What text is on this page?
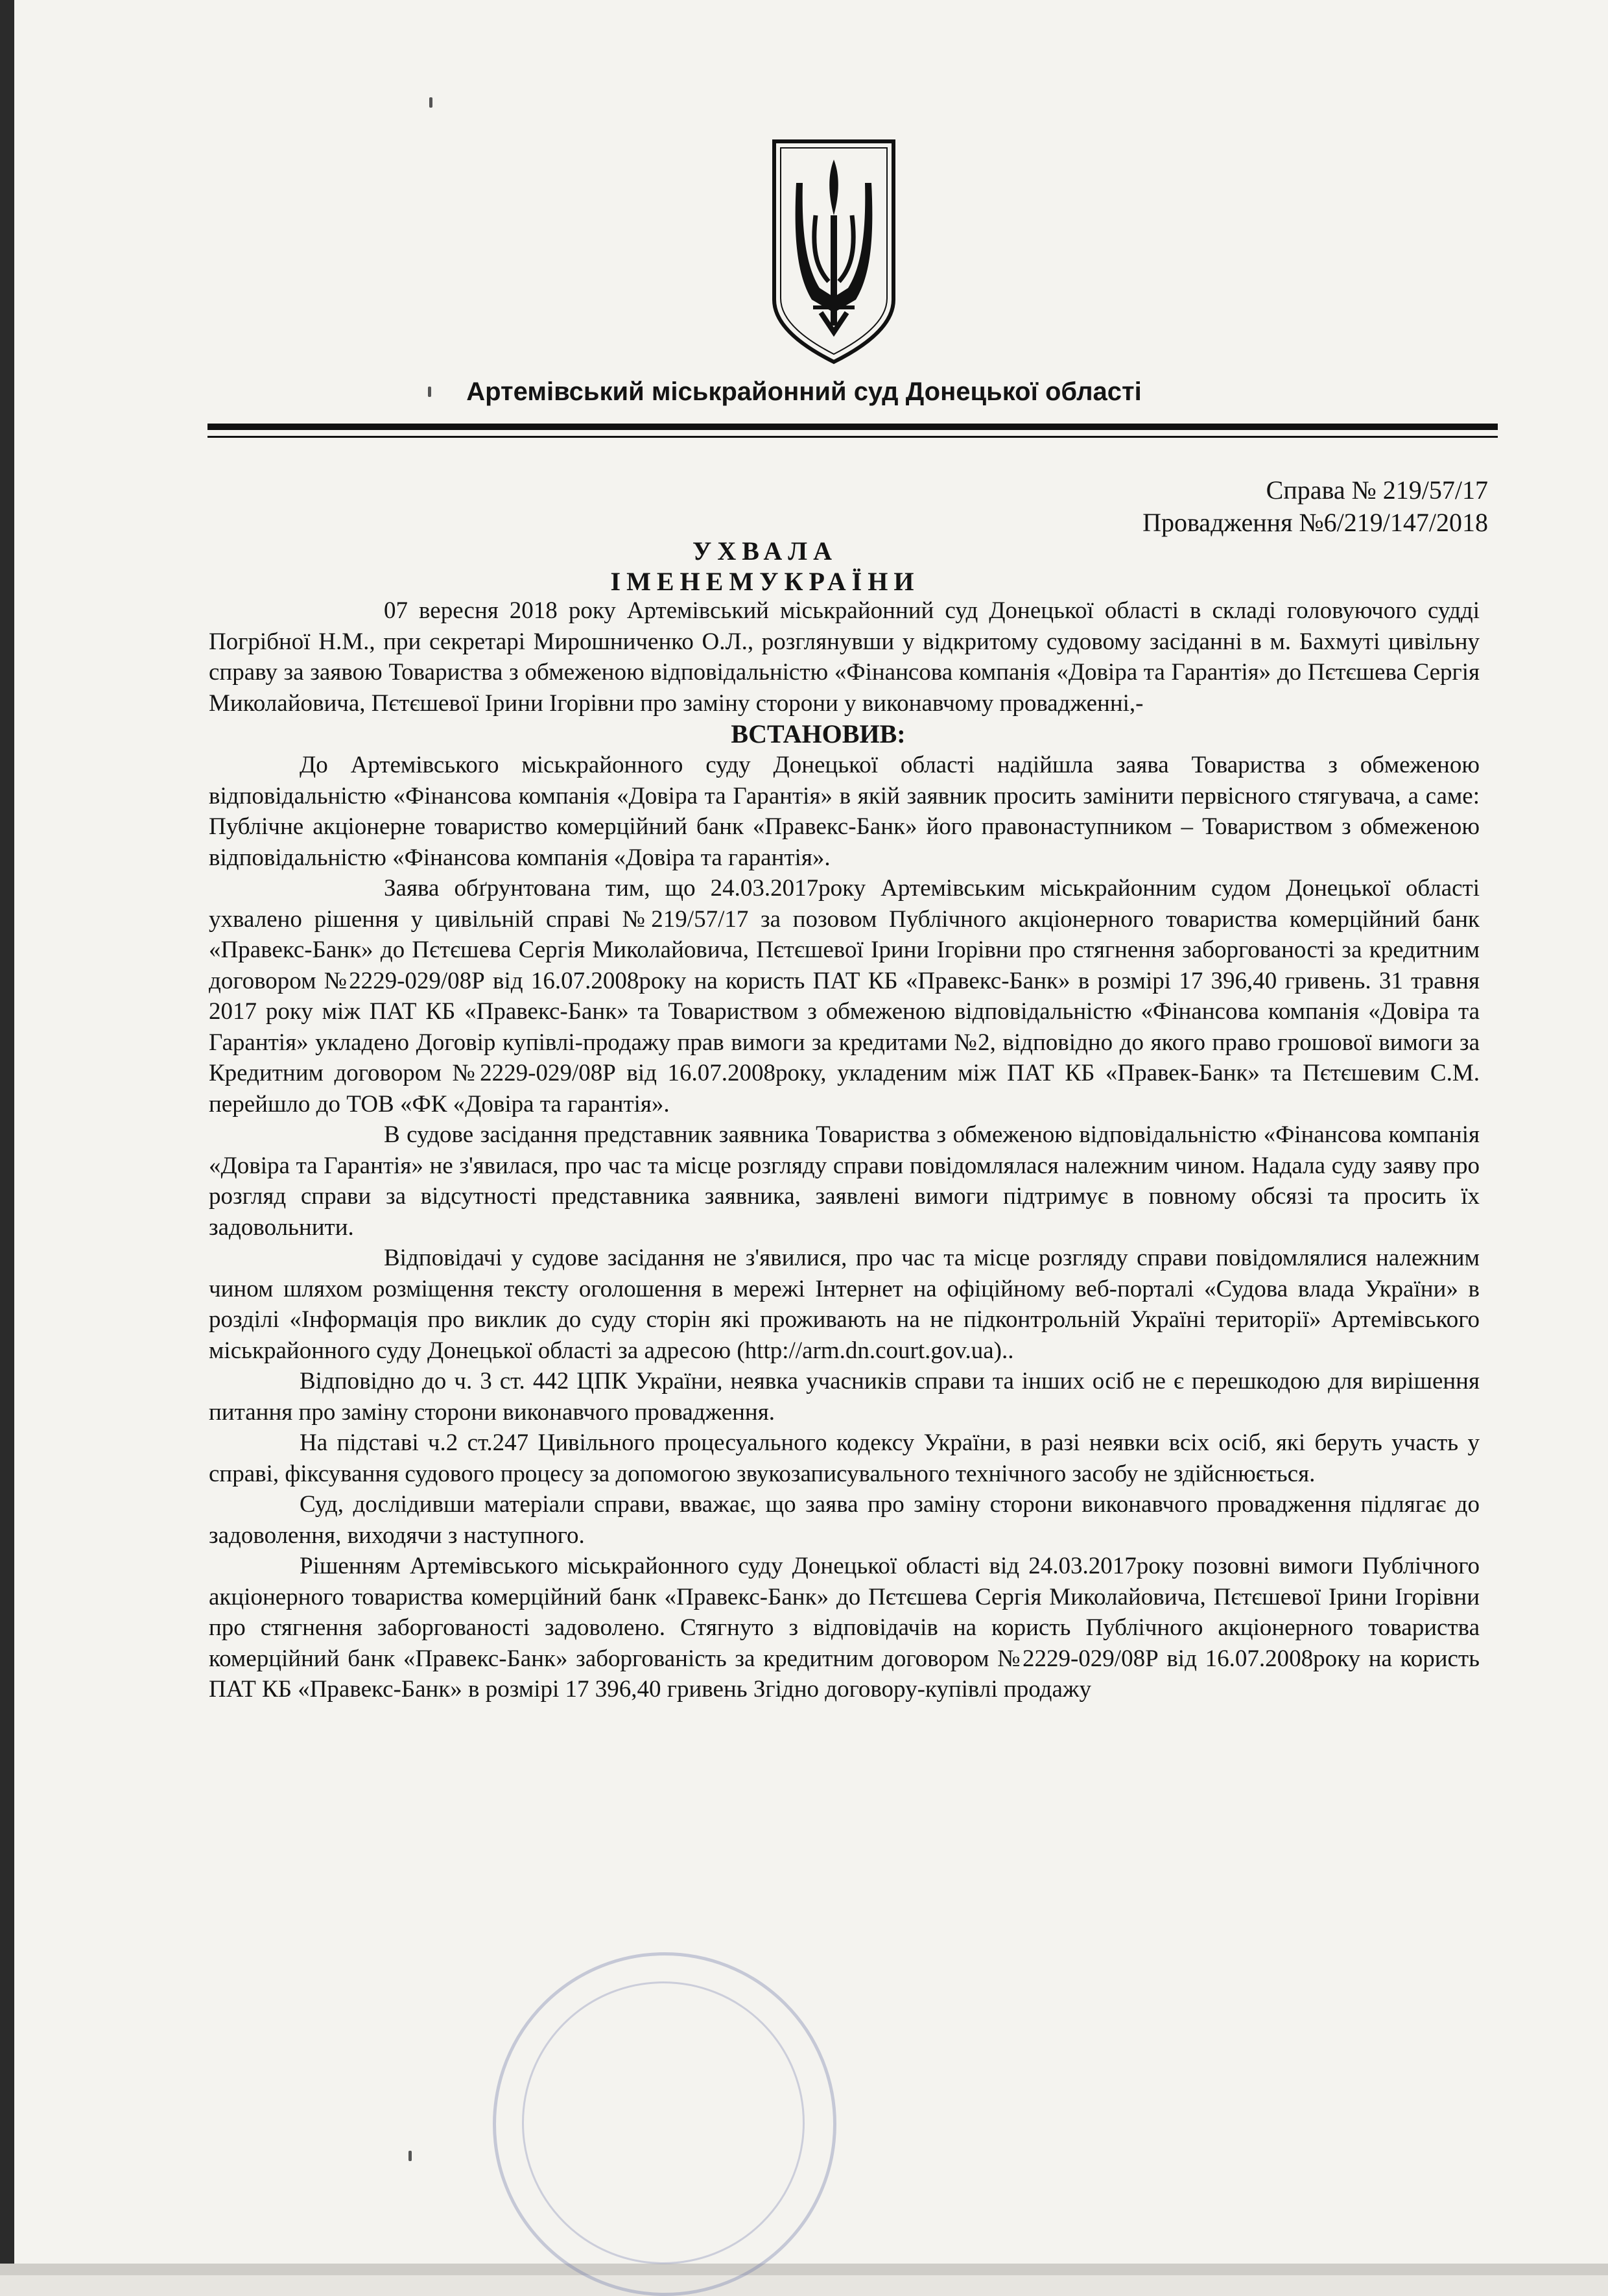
Артемівський міськрайонний суд Донецької області
Справа № 219/57/17
Провадження №6/219/147/2018
УХВАЛА
ІМЕНЕМУКРАЇНИ

07 вересня 2018 року Артемівський міськрайонний суд Донецької області в складі головуючого судді Погрібної Н.М., при секретарі Мирошниченко О.Л., розглянувши у відкритому судовому засіданні в м. Бахмуті цивільну справу за заявою Товариства з обмеженою відповідальністю «Фінансова компанія «Довіра та Гарантія» до Пєтєшева Сергія Миколайовича, Пєтєшевої Ірини Ігорівни про заміну сторони у виконавчому провадженні,-

ВСТАНОВИВ:

До Артемівського міськрайонного суду Донецької області надійшла заява Товариства з обмеженою відповідальністю «Фінансова компанія «Довіра та Гарантія» в якій заявник просить замінити первісного стягувача, а саме: Публічне акціонерне товариство комерційний банк «Правекс-Банк» його правонаступником – Товариством з обмеженою відповідальністю «Фінансова компанія «Довіра та гарантія».

Заява обґрунтована тим, що 24.03.2017року Артемівським міськрайонним судом Донецької області ухвалено рішення у цивільній справі №219/57/17 за позовом Публічного акціонерного товариства комерційний банк «Правекс-Банк» до Пєтєшева Сергія Миколайовича, Пєтєшевої Ірини Ігорівни про стягнення заборгованості за кредитним договором №2229-029/08Р від 16.07.2008року на користь ПАТ КБ «Правекс-Банк» в розмірі 17 396,40 гривень. 31 травня 2017 року між ПАТ КБ «Правекс-Банк» та Товариством з обмеженою відповідальністю «Фінансова компанія «Довіра та Гарантія» укладено Договір купівлі-продажу прав вимоги за кредитами №2, відповідно до якого право грошової вимоги за Кредитним договором №2229-029/08Р від 16.07.2008року, укладеним між ПАТ КБ «Правек-Банк» та Пєтєшевим С.М. перейшло до ТОВ «ФК «Довіра та гарантія».

В судове засідання представник заявника Товариства з обмеженою відповідальністю «Фінансова компанія «Довіра та Гарантія» не з'явилася, про час та місце розгляду справи повідомлялася належним чином. Надала суду заяву про розгляд справи за відсутності представника заявника, заявлені вимоги підтримує в повному обсязі та просить їх задовольнити.

Відповідачі у судове засідання не з'явилися, про час та місце розгляду справи повідомлялися належним чином шляхом розміщення тексту оголошення в мережі Інтернет на офіційному веб-порталі «Судова влада України» в розділі «Інформація про виклик до суду сторін які проживають на не підконтрольній Україні території» Артемівського міськрайонного суду Донецької області за адресою (http://arm.dn.court.gov.ua)..

Відповідно до ч. 3 ст. 442 ЦПК України, неявка учасників справи та інших осіб не є перешкодою для вирішення питання про заміну сторони виконавчого провадження.

На підставі ч.2 ст.247 Цивільного процесуального кодексу України, в разі неявки всіх осіб, які беруть участь у справі, фіксування судового процесу за допомогою звукозаписувального технічного засобу не здійснюється.

Суд, дослідивши матеріали справи, вважає, що заява про заміну сторони виконавчого провадження підлягає до задоволення, виходячи з наступного.

Рішенням Артемівського міськрайонного суду Донецької області від 24.03.2017року позовні вимоги Публічного акціонерного товариства комерційний банк «Правекс-Банк» до Пєтєшева Сергія Миколайовича, Пєтєшевої Ірини Ігорівни про стягнення заборгованості задоволено. Стягнуто з відповідачів на користь Публічного акціонерного товариства комерційний банк «Правекс-Банк» заборгованість за кредитним договором №2229-029/08Р від 16.07.2008року на користь ПАТ КБ «Правекс-Банк» в розмірі 17 396,40 гривень Згідно договору-купівлі продажу
